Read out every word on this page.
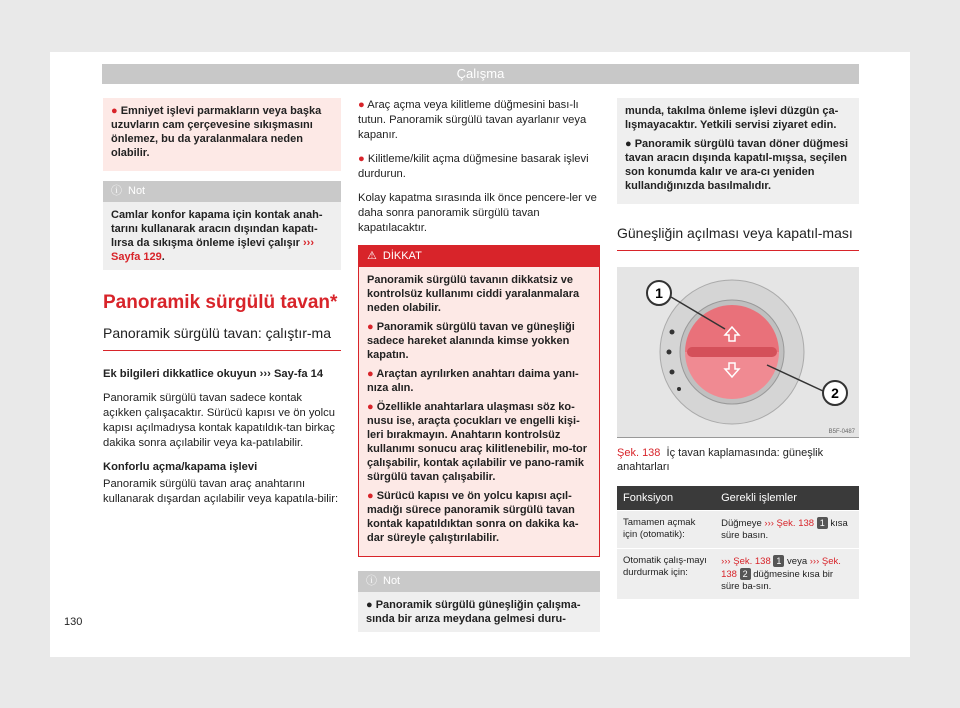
Çalışma

● Emniyet işlevi parmakların veya başka uzuvların cam çerçevesine sıkışmasını önlemez, bu da yaralanmalara neden olabilir.

ⓘ Not
Camlar konfor kapama için kontak anah-tarını kullanarak aracın dışından kapatı-lırsa da sıkışma önleme işlevi çalışır ››› Sayfa 129.
Panoramik sürgülü tavan*
Panoramik sürgülü tavan: çalıştır-ma

Ek bilgileri dikkatlice okuyun ››› Say-fa 14

Panoramik sürgülü tavan sadece kontak açıkken çalışacaktır. Sürücü kapısı ve ön yolcu kapısı açılmadıysa kontak kapatıldık-tan birkaç dakika sonra açılabilir veya ka-patılabilir.

Konforlu açma/kapama işlevi

Panoramik sürgülü tavan araç anahtarını kullanarak dışardan açılabilir veya kapatıla-bilir:

● Araç açma veya kilitleme düğmesini bası-lı tutun. Panoramik sürgülü tavan ayarlanır veya kapanır.

● Kilitleme/kilit açma düğmesine basarak işlevi durdurun.

Kolay kapatma sırasında ilk önce pencere-ler ve daha sonra panoramik sürgülü tavan kapatılacaktır.

⚠ DİKKAT

Panoramik sürgülü tavanın dikkatsiz ve kontrolsüz kullanımı ciddi yaralanmalara neden olabilir.

● Panoramik sürgülü tavan ve güneşliği sadece hareket alanında kimse yokken kapatın.

● Araçtan ayrılırken anahtarı daima yanı-nıza alın.

● Özellikle anahtarlara ulaşması söz ko-nusu ise, araçta çocukları ve engelli kişi-leri bırakmayın. Anahtarın kontrolsüz kullanımı sonucu araç kilitlenebilir, mo-tor çalışabilir, kontak açılabilir ve pano-ramik sürgülü tavan çalışabilir.

● Sürücü kapısı ve ön yolcu kapısı açıl-madığı sürece panoramik sürgülü tavan kontak kapatıldıktan sonra on dakika ka-dar süreyle çalıştırılabilir.

ⓘ Not
● Panoramik sürgülü güneşliğin çalışma-sında bir arıza meydana gelmesi duru-

munda, takılma önleme işlevi düzgün ça-lışmayacaktır. Yetkili servisi ziyaret edin.

● Panoramik sürgülü tavan döner düğmesi tavan aracın dışında kapatıl-mışsa, seçilen son konumda kalır ve ara-cı yeniden kullandığınızda basılmalıdır.

Güneşliğin açılması veya kapatıl-ması
1
2
B5F-0487
Şek. 138 İç tavan kaplamasında: güneşlik anahtarları
Fonksiyon	Gerekli işlemler
Tamamen açmak için (otomatik):	Düğmeye ››› Şek. 138 1 kısa süre basın.
Otomatik çalış-mayı durdurmak için:	››› Şek. 138 1 veya ››› Şek. 138 2 düğmesine kısa bir süre ba-sın.
130
